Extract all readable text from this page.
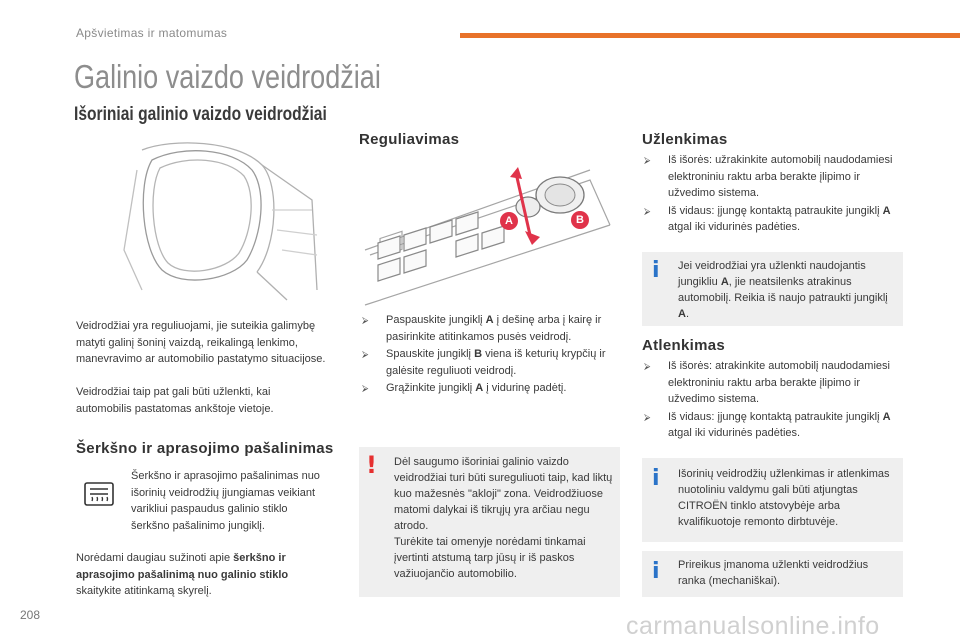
Apšvietimas ir matomumas
Galinio vaizdo veidrodžiai
Išoriniai galinio vaizdo veidrodžiai
Veidrodžiai yra reguliuojami, jie suteikia galimybę matyti galinį šoninį vaizdą, reikalingą lenkimo, manevravimo ar automobilio pastatymo situacijose.
Veidrodžiai taip pat gali būti užlenkti, kai automobilis pastatomas ankštoje vietoje.
Šerkšno ir aprasojimo pašalinimas
Šerkšno ir aprasojimo pašalinimas nuo išorinių veidrodžių įjungiamas veikiant varikliui paspaudus galinio stiklo šerkšno pašalinimo jungiklį.
Norėdami daugiau sužinoti apie šerkšno ir aprasojimo pašalinimą nuo galinio stiklo skaitykite atitinkamą skyrelį.
Reguliavimas
A	B
⮚ Paspauskite jungiklį A į dešinę arba į kairę ir pasirinkite atitinkamos pusės veidrodį.
⮚ Spauskite jungiklį B viena iš keturių krypčių ir galėsite reguliuoti veidrodį.
⮚ Grąžinkite jungiklį A į vidurinę padėtį.
! Dėl saugumo išoriniai galinio vaizdo veidrodžiai turi būti sureguliuoti taip, kad liktų kuo mažesnės "akloji" zona. Veidrodžiuose matomi dalykai iš tikrųjų yra arčiau negu atrodo.
Turėkite tai omenyje norėdami tinkamai įvertinti atstumą tarp jūsų ir iš paskos važiuojančio automobilio.
Užlenkimas
⮚ Iš išorės: užrakinkite automobilį naudodamiesi elektroniniu raktu arba berakte įlipimo ir užvedimo sistema.
⮚ Iš vidaus: įjungę kontaktą patraukite jungiklį A atgal iki vidurinės padėties.
i Jei veidrodžiai yra užlenkti naudojantis jungikliu A, jie neatsilenks atrakinus automobilį. Reikia iš naujo patraukti jungiklį A.
Atlenkimas
⮚ Iš išorės: atrakinkite automobilį naudodamiesi elektroniniu raktu arba berakte įlipimo ir užvedimo sistema.
⮚ Iš vidaus: įjungę kontaktą patraukite jungiklį A atgal iki vidurinės padėties.
i Išorinių veidrodžių užlenkimas ir atlenkimas nuotoliniu valdymu gali būti atjungtas CITROËN tinklo atstovybėje arba kvalifikuotoje remonto dirbtuvėje.
i Prireikus įmanoma užlenkti veidrodžius ranka (mechaniškai).
208	carmanualsonline.info
